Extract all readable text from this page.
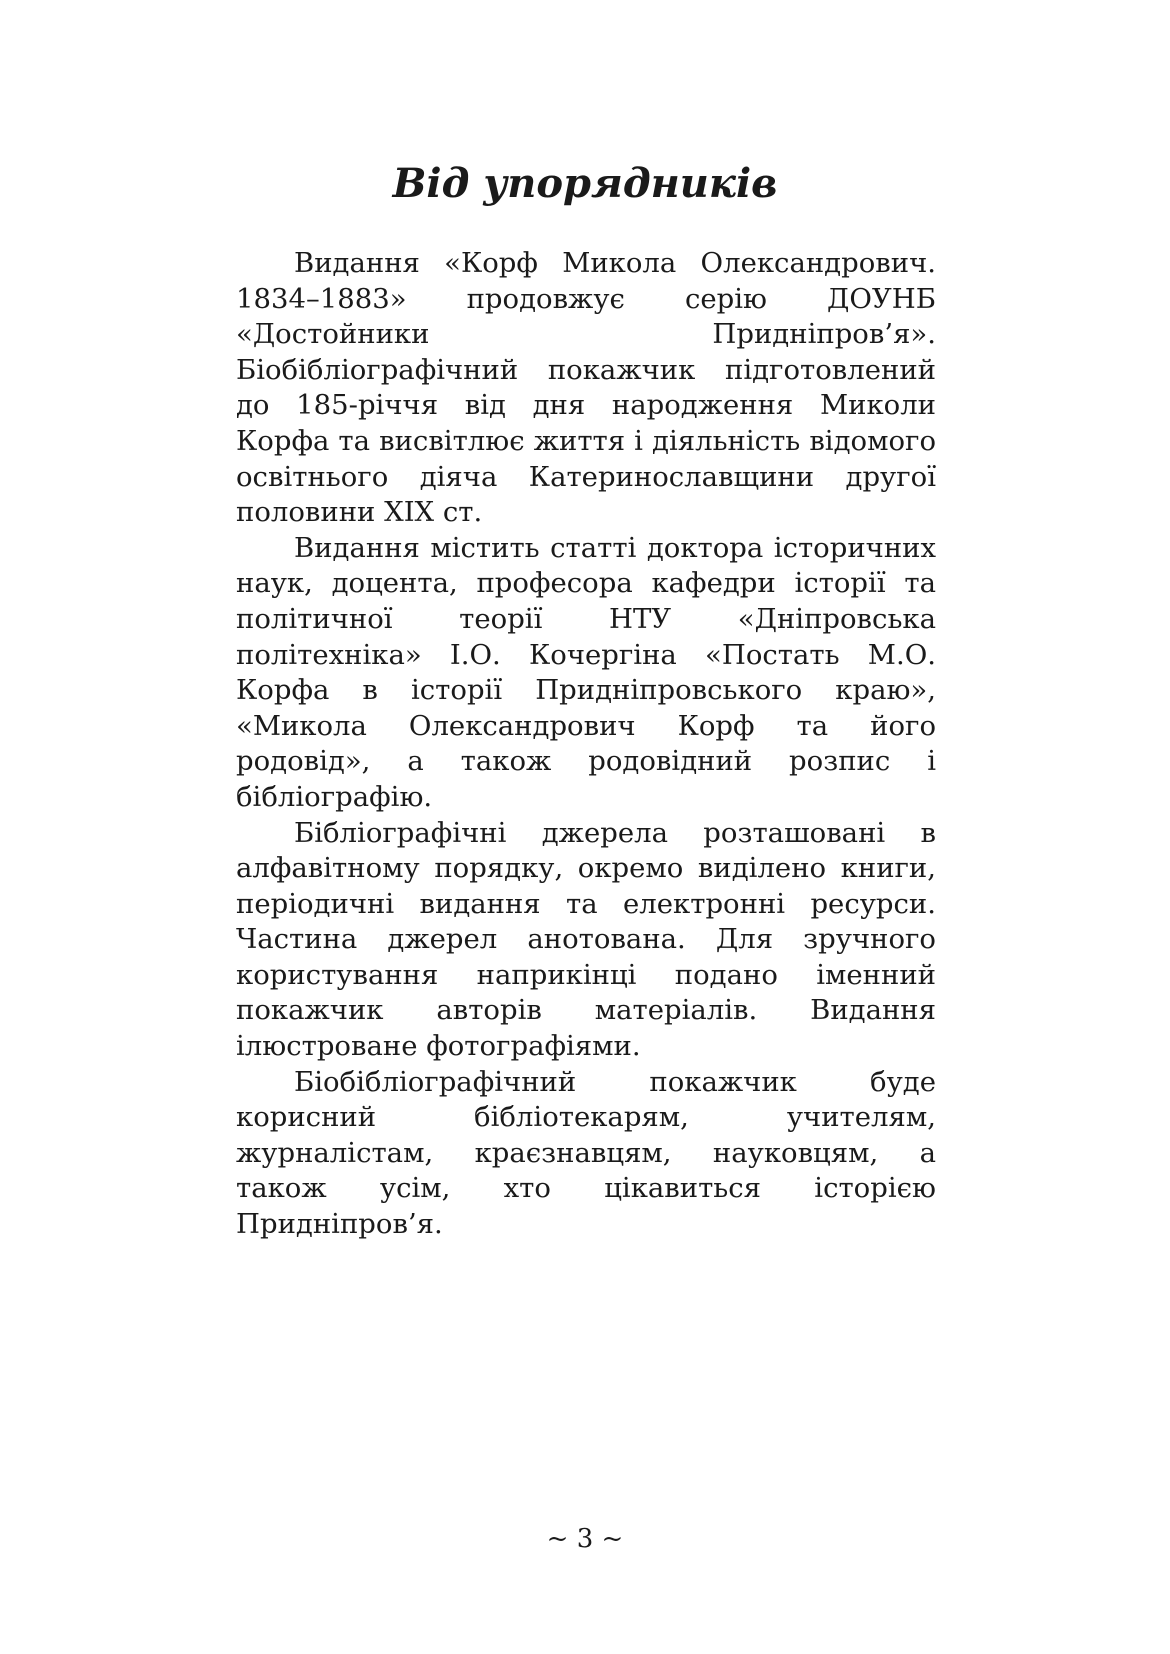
Від упорядників

Видання «Корф Микола Олександрович. 1834–1883» продовжує серію ДОУНБ «Достойники Придніпров’я». Біобібліографічний покажчик підготовлений до 185-річчя від дня народження Миколи Корфа та висвітлює життя і діяльність відомого освітнього діяча Катеринославщини другої половини ХІХ ст.

Видання містить статті доктора історичних наук, доцента, професора кафедри історії та політичної теорії НТУ «Дніпровська політехніка» І.О. Кочергіна «Постать М.О. Корфа в історії Придніпровського краю», «Микола Олександрович Корф та його родовід», а також родовідний розпис і бібліографію.

Бібліографічні джерела розташовані в алфавітному порядку, окремо виділено книги, періодичні видання та електронні ресурси. Частина джерел анотована. Для зручного користування наприкінці подано іменний покажчик авторів матеріалів. Видання ілюстроване фотографіями.

Біобібліографічний покажчик буде корисний бібліотекарям, учителям, журналістам, краєзнавцям, науковцям, а також усім, хто цікавиться історією Придніпров’я.

~ 3 ~
